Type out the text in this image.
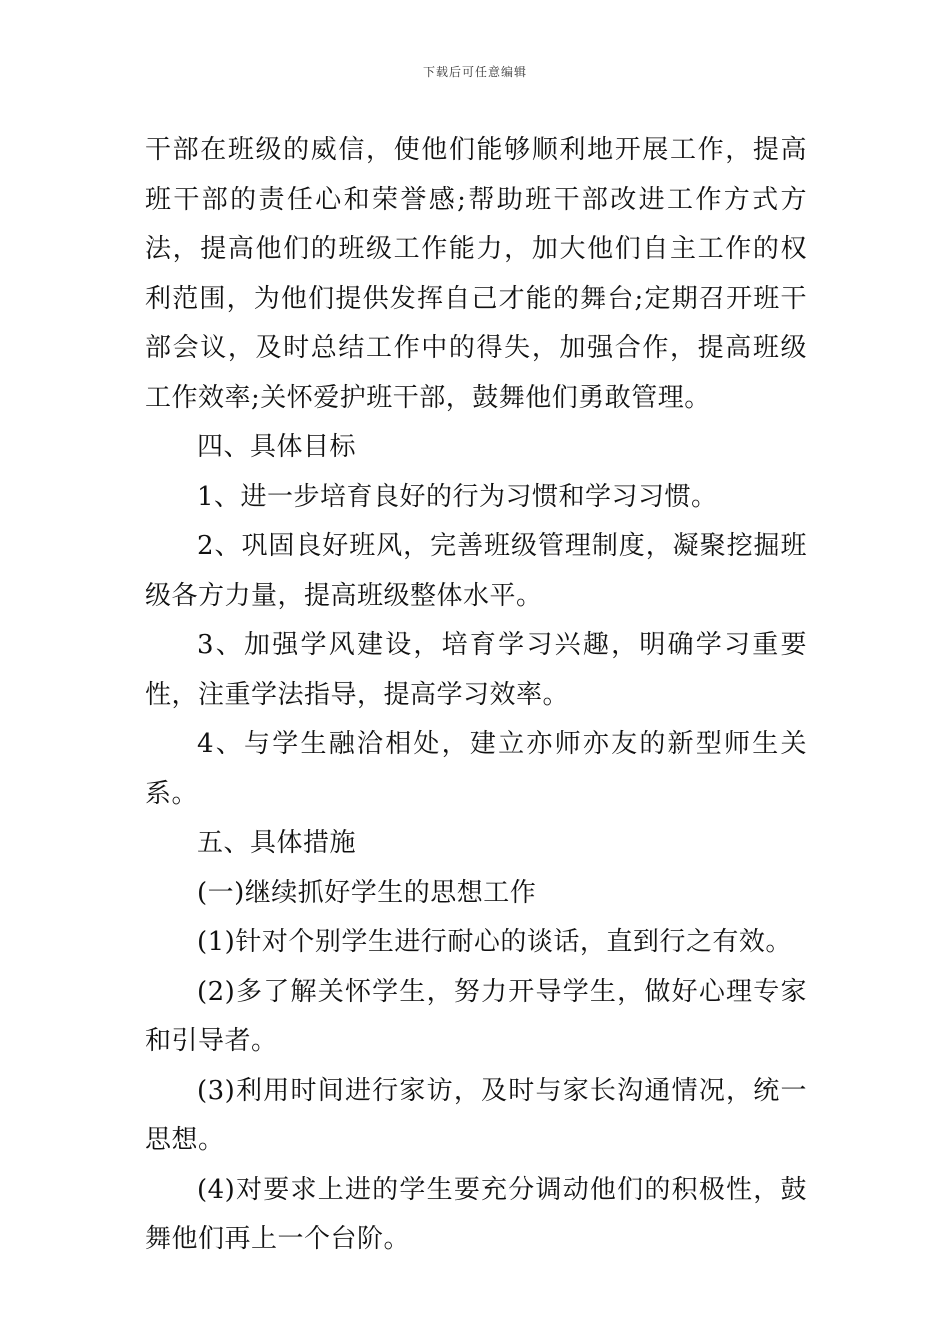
下载后可任意编辑

干部在班级的威信，使他们能够顺利地开展工作，提高班干部的责任心和荣誉感;帮助班干部改进工作方式方法，提高他们的班级工作能力，加大他们自主工作的权利范围，为他们提供发挥自己才能的舞台;定期召开班干部会议，及时总结工作中的得失，加强合作，提高班级工作效率;关怀爱护班干部，鼓舞他们勇敢管理。

四、具体目标

1、进一步培育良好的行为习惯和学习习惯。

2、巩固良好班风，完善班级管理制度，凝聚挖掘班级各方力量，提高班级整体水平。

3、加强学风建设，培育学习兴趣，明确学习重要性，注重学法指导，提高学习效率。

4、与学生融洽相处，建立亦师亦友的新型师生关系。

五、具体措施

(一)继续抓好学生的思想工作

(1)针对个别学生进行耐心的谈话，直到行之有效。

(2)多了解关怀学生，努力开导学生，做好心理专家和引导者。

(3)利用时间进行家访，及时与家长沟通情况，统一思想。

(4)对要求上进的学生要充分调动他们的积极性，鼓舞他们再上一个台阶。
